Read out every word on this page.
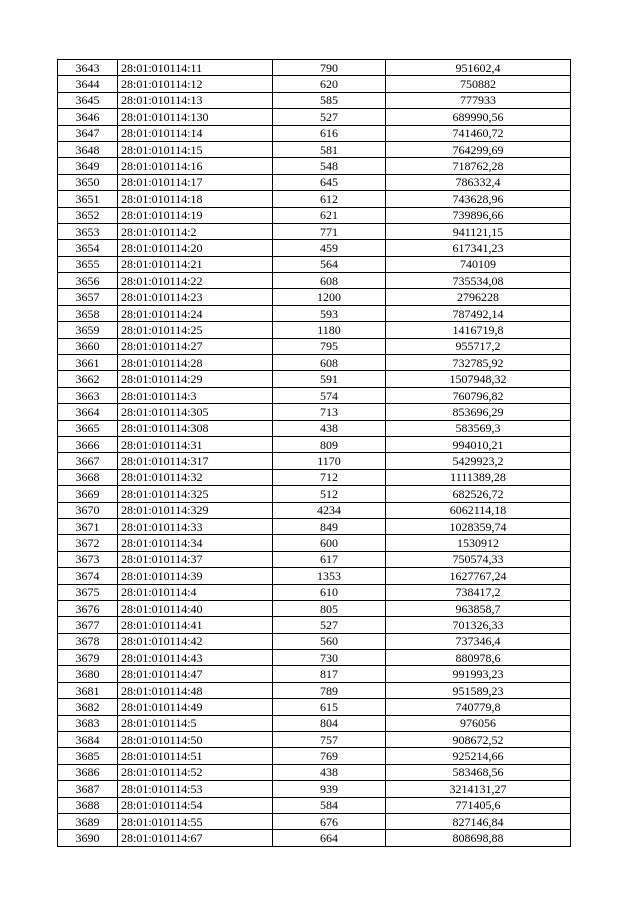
3643	28:01:010114:11	790	951602,4
3644	28:01:010114:12	620	750882
3645	28:01:010114:13	585	777933
3646	28:01:010114:130	527	689990,56
3647	28:01:010114:14	616	741460,72
3648	28:01:010114:15	581	764299,69
3649	28:01:010114:16	548	718762,28
3650	28:01:010114:17	645	786332,4
3651	28:01:010114:18	612	743628,96
3652	28:01:010114:19	621	739896,66
3653	28:01:010114:2	771	941121,15
3654	28:01:010114:20	459	617341,23
3655	28:01:010114:21	564	740109
3656	28:01:010114:22	608	735534,08
3657	28:01:010114:23	1200	2796228
3658	28:01:010114:24	593	787492,14
3659	28:01:010114:25	1180	1416719,8
3660	28:01:010114:27	795	955717,2
3661	28:01:010114:28	608	732785,92
3662	28:01:010114:29	591	1507948,32
3663	28:01:010114:3	574	760796,82
3664	28:01:010114:305	713	853696,29
3665	28:01:010114:308	438	583569,3
3666	28:01:010114:31	809	994010,21
3667	28:01:010114:317	1170	5429923,2
3668	28:01:010114:32	712	1111389,28
3669	28:01:010114:325	512	682526,72
3670	28:01:010114:329	4234	6062114,18
3671	28:01:010114:33	849	1028359,74
3672	28:01:010114:34	600	1530912
3673	28:01:010114:37	617	750574,33
3674	28:01:010114:39	1353	1627767,24
3675	28:01:010114:4	610	738417,2
3676	28:01:010114:40	805	963858,7
3677	28:01:010114:41	527	701326,33
3678	28:01:010114:42	560	737346,4
3679	28:01:010114:43	730	880978,6
3680	28:01:010114:47	817	991993,23
3681	28:01:010114:48	789	951589,23
3682	28:01:010114:49	615	740779,8
3683	28:01:010114:5	804	976056
3684	28:01:010114:50	757	908672,52
3685	28:01:010114:51	769	925214,66
3686	28:01:010114:52	438	583468,56
3687	28:01:010114:53	939	3214131,27
3688	28:01:010114:54	584	771405,6
3689	28:01:010114:55	676	827146,84
3690	28:01:010114:67	664	808698,88
